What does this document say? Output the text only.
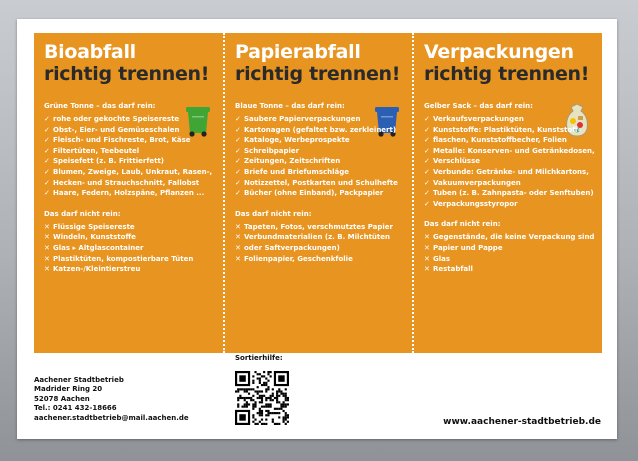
Bioabfall
richtig trennen!
Grüne Tonne – das darf rein:
✓ rohe oder gekochte Speisereste
✓ Obst-, Eier- und Gemüseschalen
✓ Fleisch- und Fischreste, Brot, Käse
✓ Filtertüten, Teebeutel
✓ Speisefett (z. B. Frittierfett)
✓ Blumen, Zweige, Laub, Unkraut, Rasen-,
✓ Hecken- und Strauchschnitt, Fallobst
✓ Haare, Federn, Holzspäne, Pflanzen ...
Das darf nicht rein:
✕ Flüssige Speisereste
✕ Windeln, Kunststoffe
✕ Glas ▸ Altglascontainer
✕ Plastiktüten, kompostierbare Tüten
✕ Katzen-/Kleintierstreu
Papierabfall
richtig trennen!
Blaue Tonne – das darf rein:
✓ Saubere Papierverpackungen
✓ Kartonagen (gefaltet bzw. zerkleinert)
✓ Kataloge, Werbeprospekte
✓ Schreibpapier
✓ Zeitungen, Zeitschriften
✓ Briefe und Briefumschläge
✓ Notizzettel, Postkarten und Schulhefte
✓ Bücher (ohne Einband), Packpapier
Das darf nicht rein:
✕ Tapeten, Fotos, verschmutztes Papier
✕ Verbundmaterialien (z. B. Milchtüten
✕ oder Saftverpackungen)
✕ Folienpapier, Geschenkfolie
Verpackungen
richtig trennen!
Gelber Sack – das darf rein:
✓ Verkaufsverpackungen
✓ Kunststoffe: Plastiktüten, Kunststoff-
✓ flaschen, Kunststoffbecher, Folien
✓ Metalle: Konserven- und Getränkedosen,
✓ Verschlüsse
✓ Verbunde: Getränke- und Milchkartons,
✓ Vakuumverpackungen
✓ Tuben (z. B. Zahnpasta- oder Senftuben)
✓ Verpackungsstyropor
Das darf nicht rein:
✕ Gegenstände, die keine Verpackung sind
✕ Papier und Pappe
✕ Glas
✕ Restabfall
Sortierhilfe:
Aachener Stadtbetrieb
Madrider Ring 20
52078 Aachen
Tel.: 0241 432-18666
aachener.stadtbetrieb@mail.aachen.de	www.aachener-stadtbetrieb.de
